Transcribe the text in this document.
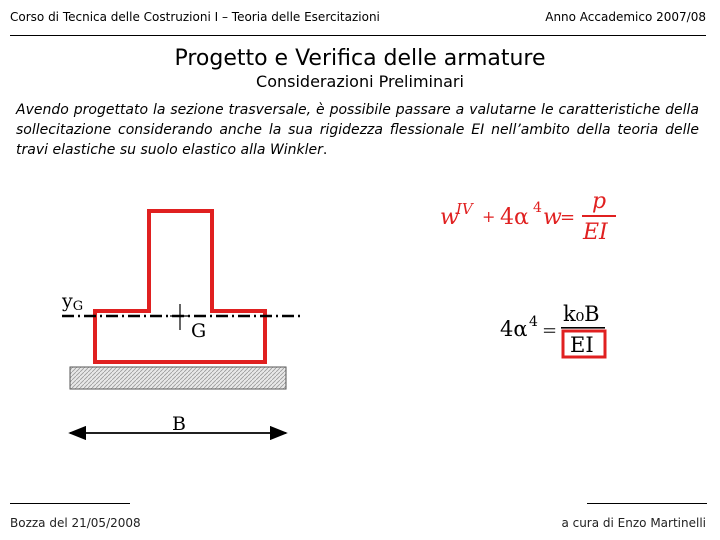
Corso di Tecnica delle Costruzioni I – Teoria delle Esercitazioni	Anno Accademico 2007/08
Progetto e Verifica delle armature
Considerazioni Preliminari
Avendo progettato la sezione trasversale, è possibile passare a valutarne le caratteristiche della sollecitazione considerando anche la sua rigidezza flessionale EI nell’ambito della teoria delle travi elastiche su suolo elastico alla Winkler.
yG
G
B
w
IV + 4α 4 w
=
p
EI
4α 4 =
k₀B
EI
Bozza del 21/05/2008	a cura di Enzo Martinelli
